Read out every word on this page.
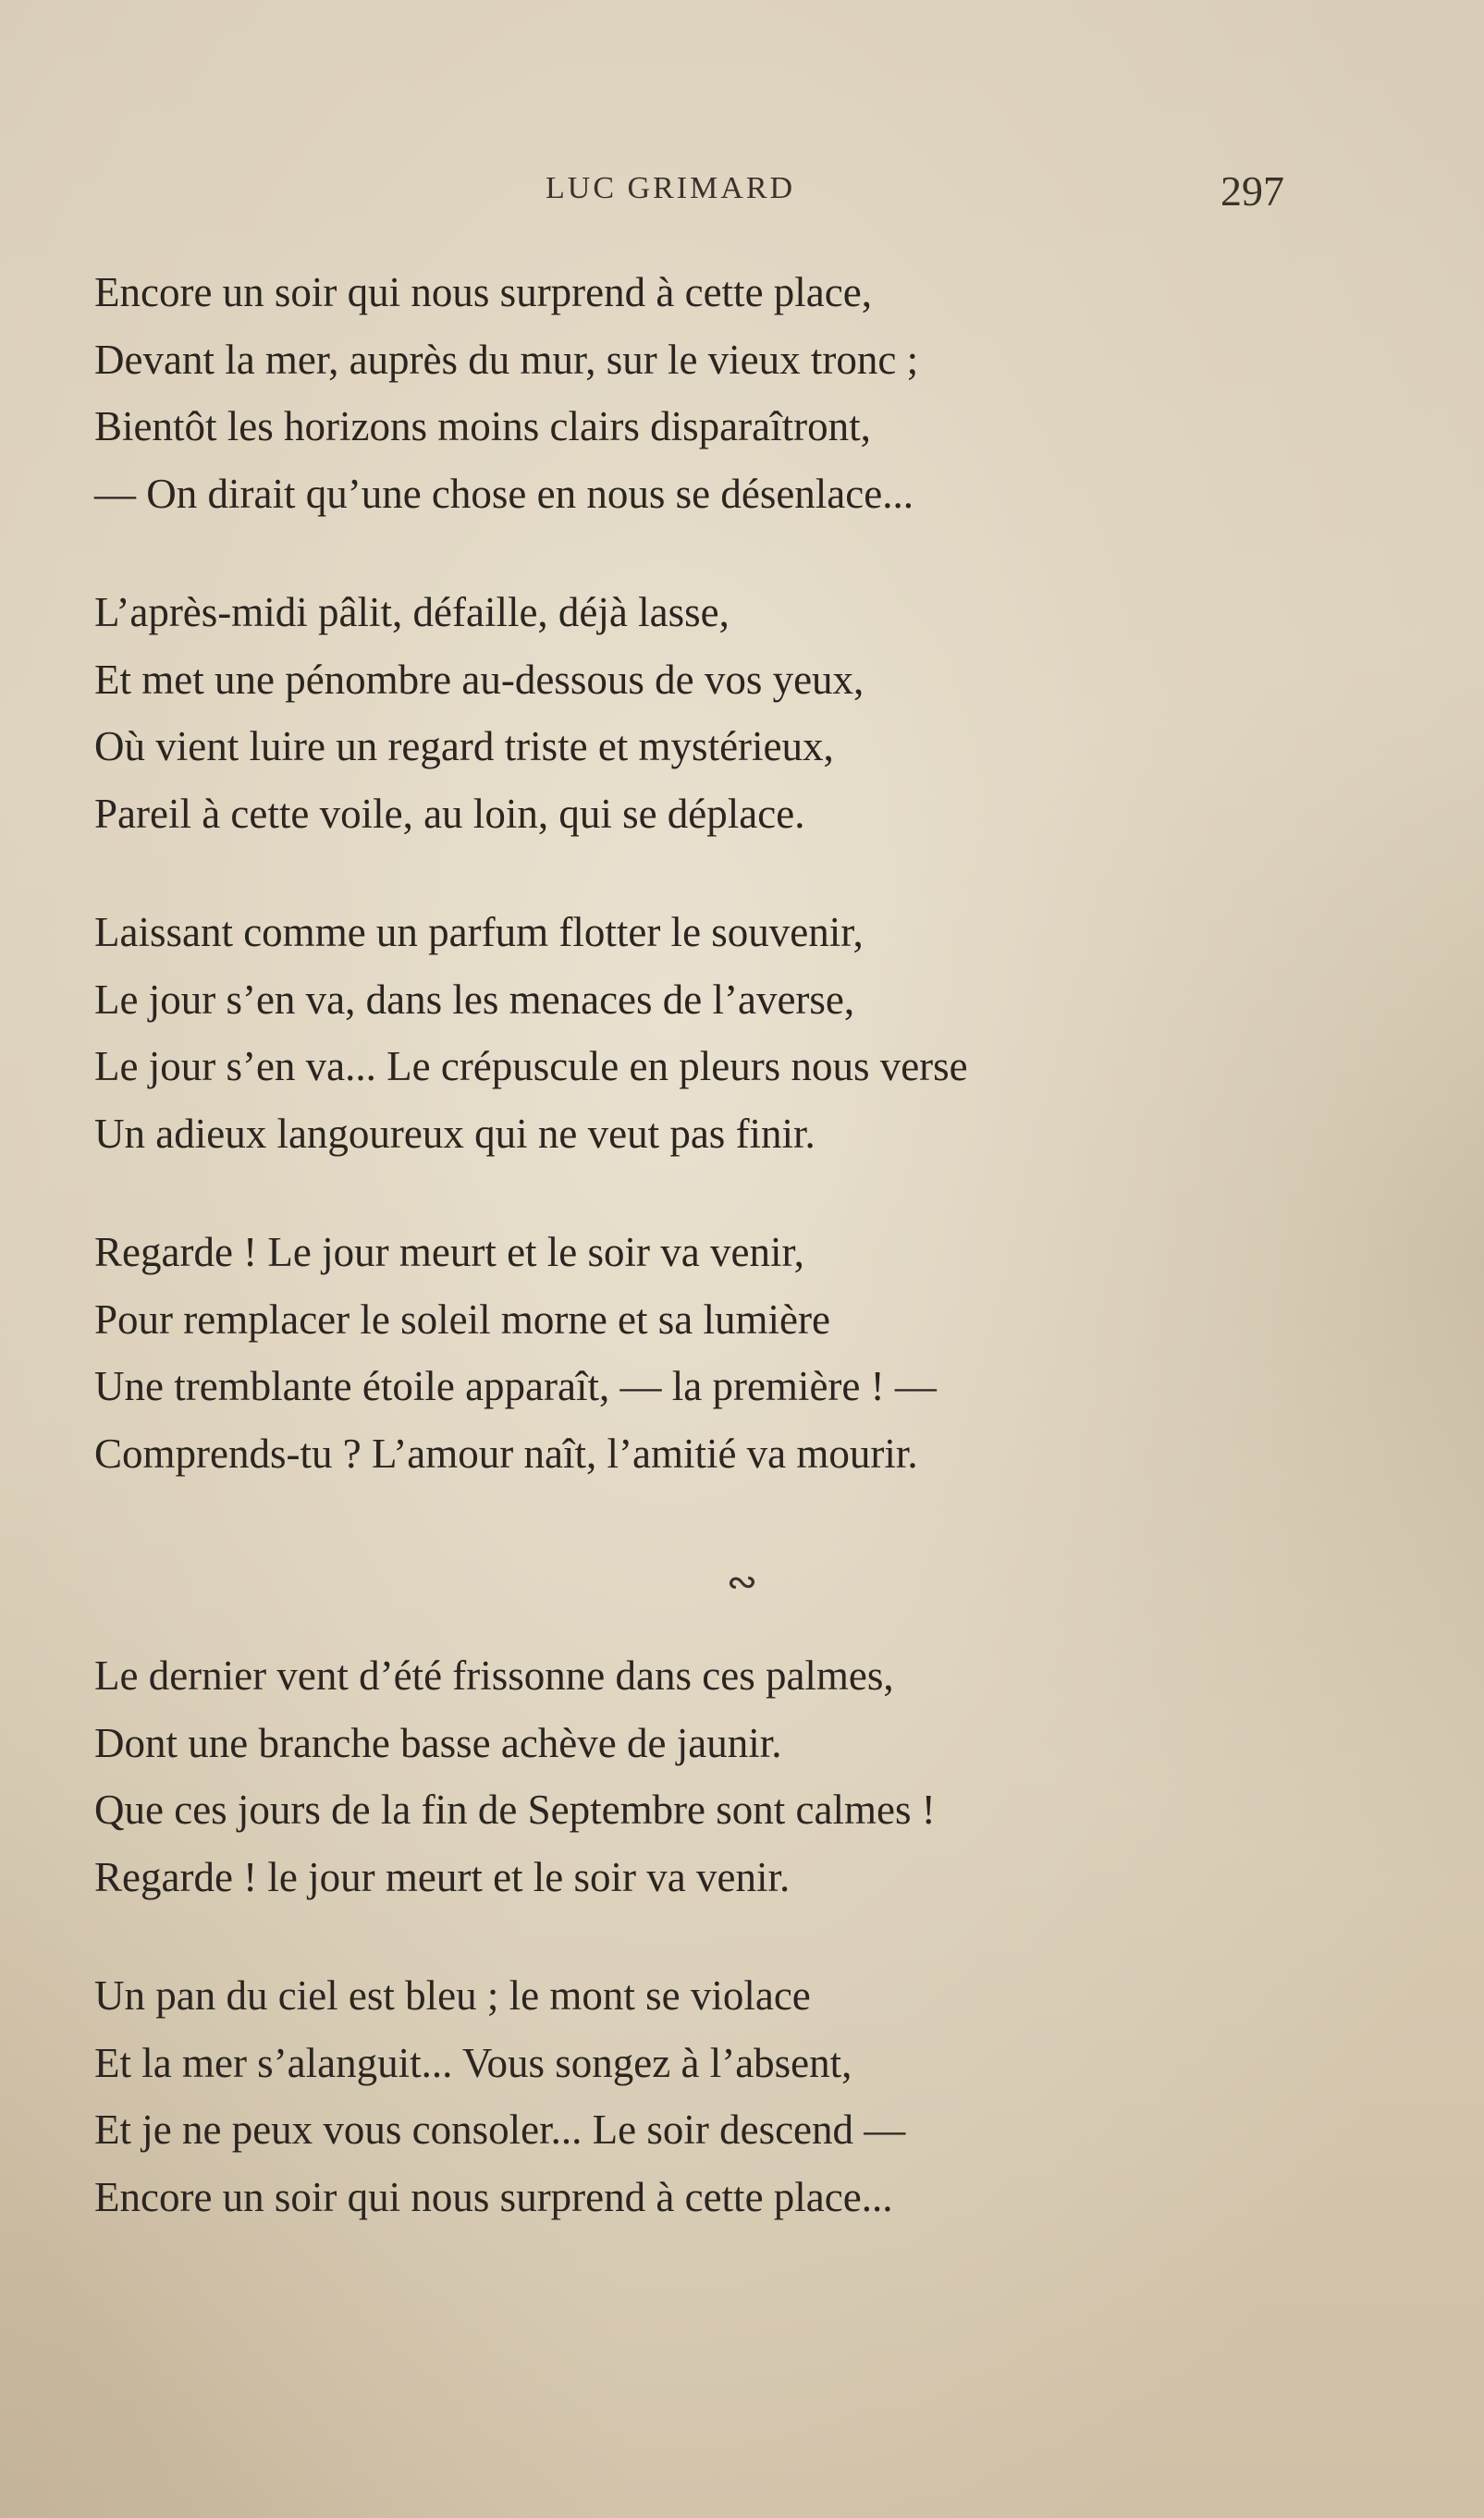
LUC GRIMARD	297

Encore un soir qui nous surprend à cette place,

Devant la mer, auprès du mur, sur le vieux tronc ;

Bientôt les horizons moins clairs disparaîtront,

— On dirait qu’une chose en nous se désenlace...

L’après-midi pâlit, défaille, déjà lasse,

Et met une pénombre au-dessous de vos yeux,

Où vient luire un regard triste et mystérieux,

Pareil à cette voile, au loin, qui se déplace.

Laissant comme un parfum flotter le souvenir,

Le jour s’en va, dans les menaces de l’averse,

Le jour s’en va... Le crépuscule en pleurs nous verse

Un adieux langoureux qui ne veut pas finir.

Regarde ! Le jour meurt et le soir va venir,

Pour remplacer le soleil morne et sa lumière

Une tremblante étoile apparaît, — la première ! —

Comprends-tu ? L’amour naît, l’amitié va mourir.

∾

Le dernier vent d’été frissonne dans ces palmes,

Dont une branche basse achève de jaunir.

Que ces jours de la fin de Septembre sont calmes !

Regarde ! le jour meurt et le soir va venir.

Un pan du ciel est bleu ; le mont se violace

Et la mer s’alanguit... Vous songez à l’absent,

Et je ne peux vous consoler... Le soir descend —

Encore un soir qui nous surprend à cette place...
